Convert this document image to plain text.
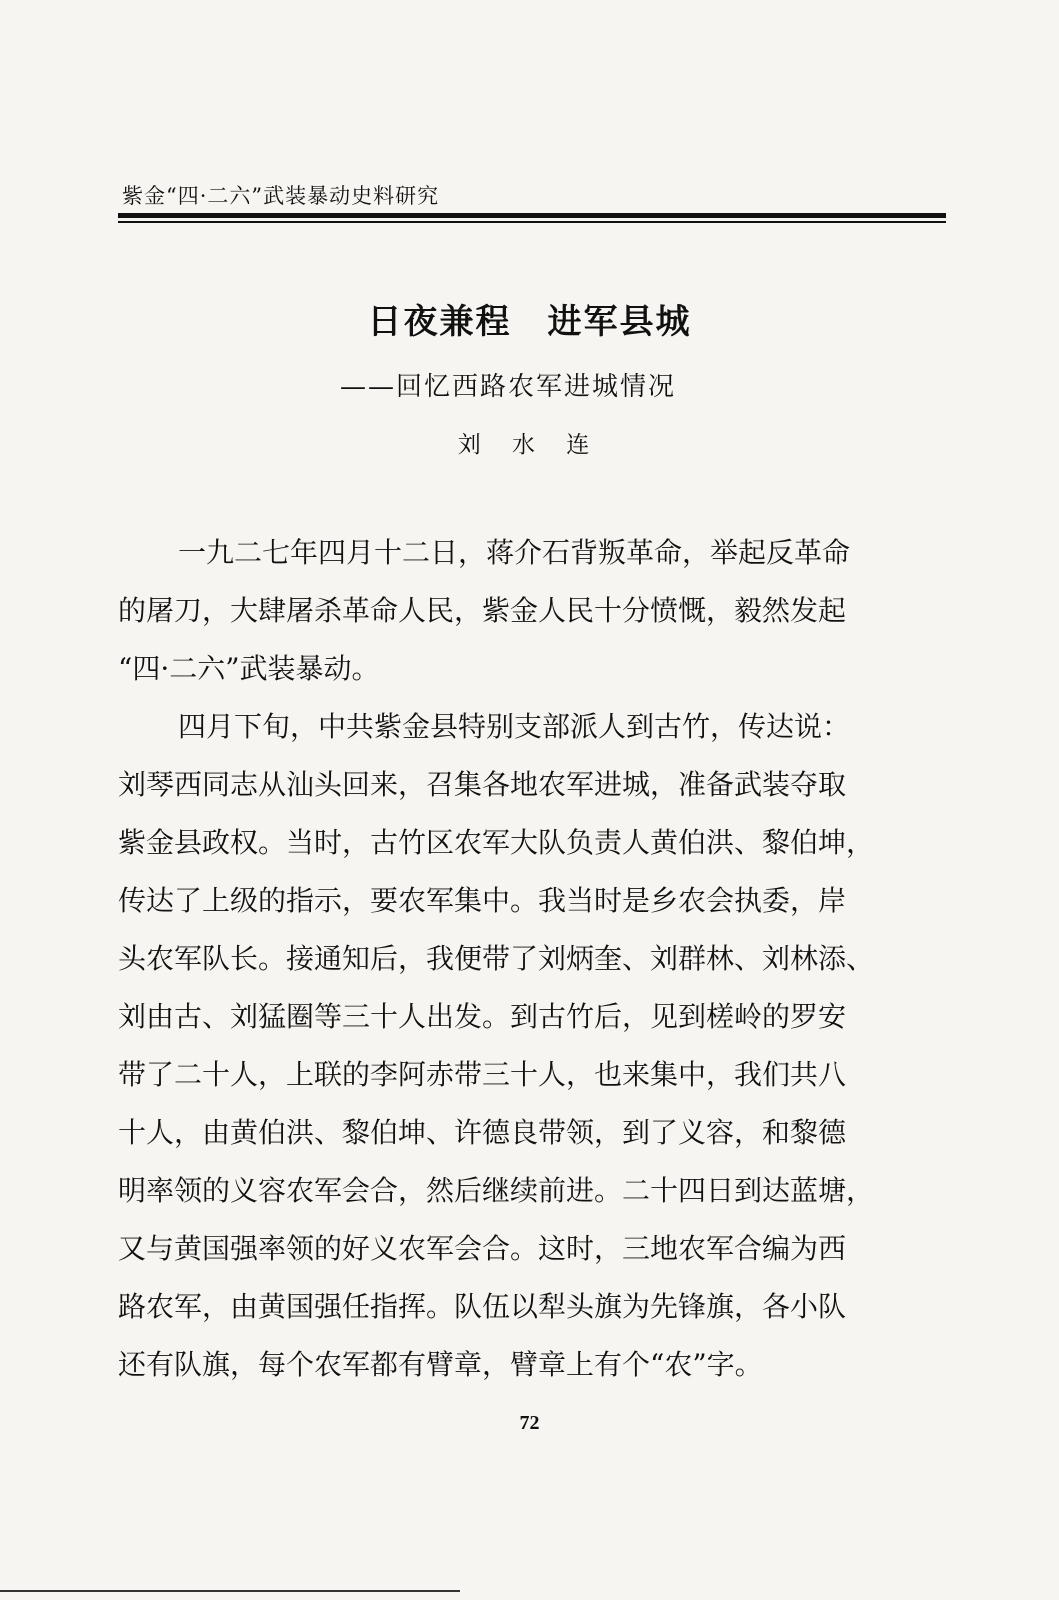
紫金“四·二六”武装暴动史料研究
日夜兼程　进军县城
——回忆西路农军进城情况
刘 水 连
一九二七年四月十二日，蒋介石背叛革命，举起反革命
的屠刀，大肆屠杀革命人民，紫金人民十分愤慨，毅然发起
“四·二六”武装暴动。
四月下旬，中共紫金县特别支部派人到古竹，传达说：
刘琴西同志从汕头回来，召集各地农军进城，准备武装夺取
紫金县政权。当时，古竹区农军大队负责人黄伯洪、黎伯坤，
传达了上级的指示，要农军集中。我当时是乡农会执委，岸
头农军队长。接通知后，我便带了刘炳奎、刘群林、刘林添、
刘由古、刘猛圈等三十人出发。到古竹后，见到槎岭的罗安
带了二十人，上联的李阿赤带三十人，也来集中，我们共八
十人，由黄伯洪、黎伯坤、许德良带领，到了义容，和黎德
明率领的义容农军会合，然后继续前进。二十四日到达蓝塘，
又与黄国强率领的好义农军会合。这时，三地农军合编为西
路农军，由黄国强任指挥。队伍以犁头旗为先锋旗，各小队
还有队旗，每个农军都有臂章，臂章上有个“农”字。
72
